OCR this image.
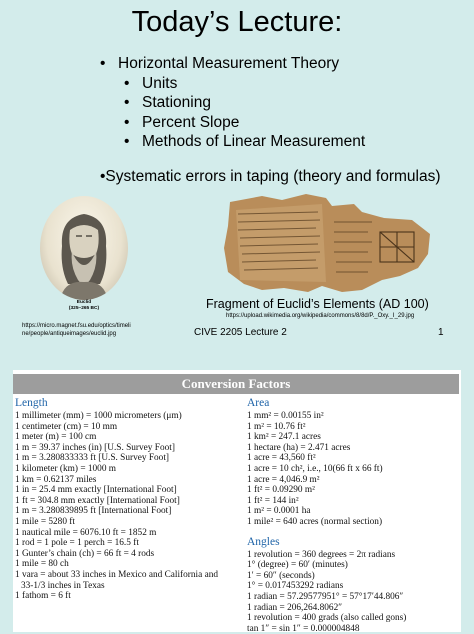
Today’s Lecture:
• Horizontal Measurement Theory
• Units
• Stationing
• Percent Slope
• Methods of Linear Measurement
•Systematic errors in taping (theory and formulas)
Euclid
(325–265 BC)
https://micro.magnet.fsu.edu/optics/timeli
ne/people/antiqueimages/euclid.jpg
Fragment of Euclid’s Elements (AD 100)
https://upload.wikimedia.org/wikipedia/commons/8/8d/P._Oxy._I_29.jpg
CIVE 2205 Lecture 2	1
Conversion Factors
Length
1 millimeter (mm) = 1000 micrometers (μm)
1 centimeter (cm) = 10 mm
1 meter (m) = 100 cm
1 m = 39.37 inches (in) [U.S. Survey Foot]
1 m = 3.280833333 ft [U.S. Survey Foot]
1 kilometer (km) = 1000 m
1 km = 0.62137 miles
1 in = 25.4 mm exactly [International Foot]
1 ft = 304.8 mm exactly [International Foot]
1 m = 3.280839895 ft [International Foot]
1 mile = 5280 ft
1 nautical mile = 6076.10 ft = 1852 m
1 rod = 1 pole = 1 perch = 16.5 ft
1 Gunter’s chain (ch) = 66 ft = 4 rods
1 mile = 80 ch
1 vara = about 33 inches in Mexico and California and
33-1/3 inches in Texas
1 fathom = 6 ft
Area
1 mm² = 0.00155 in²
1 m² = 10.76 ft²
1 km² = 247.1 acres
1 hectare (ha) = 2.471 acres
1 acre = 43,560 ft²
1 acre = 10 ch², i.e., 10(66 ft x 66 ft)
1 acre = 4,046.9 m²
1 ft² = 0.09290 m²
1 ft² = 144 in²
1 m² = 0.0001 ha
1 mile² = 640 acres (normal section)
Angles
1 revolution = 360 degrees = 2π radians
1° (degree) = 60′ (minutes)
1′ = 60″ (seconds)
1° = 0.017453292 radians
1 radian = 57.29577951° = 57°17′44.806″
1 radian = 206,264.8062″
1 revolution = 400 grads (also called gons)
tan 1″ = sin 1″ = 0.000004848
